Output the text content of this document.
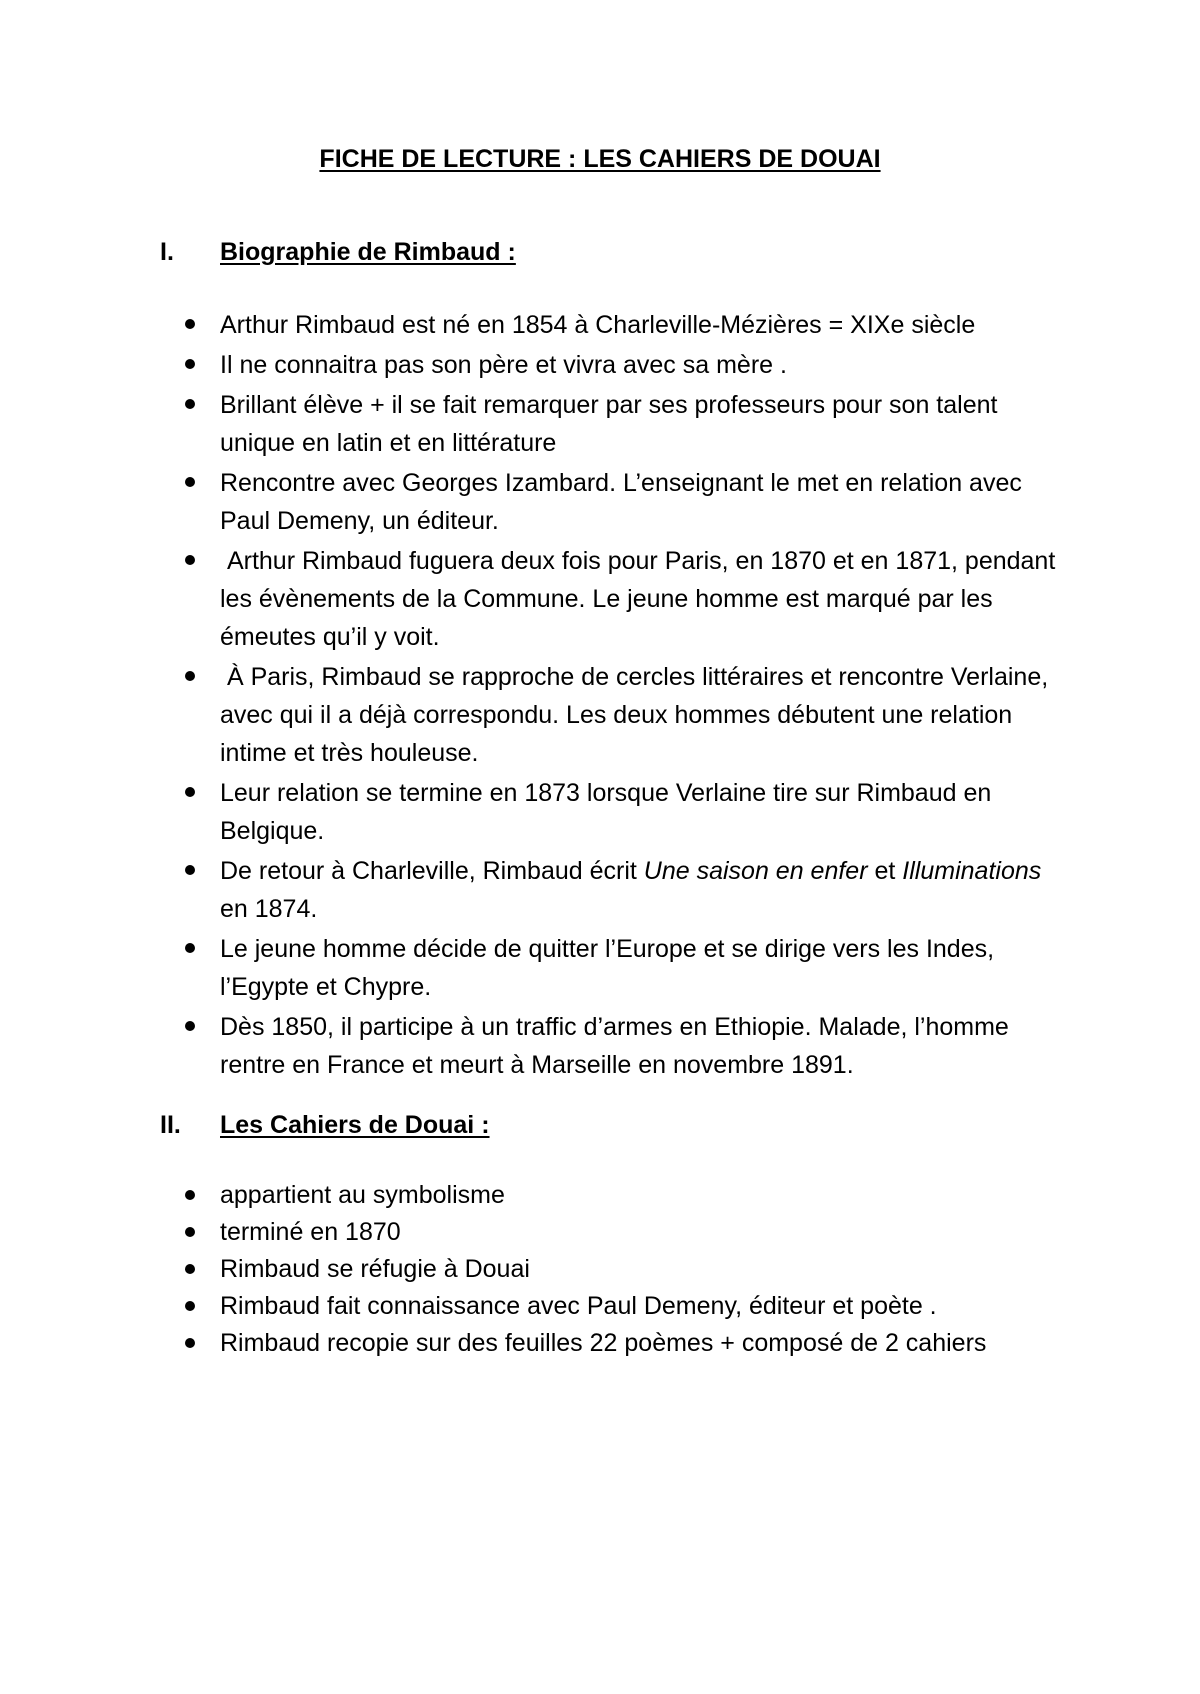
FICHE DE LECTURE : LES CAHIERS DE DOUAI
I. Biographie de Rimbaud :
Arthur Rimbaud est né en 1854 à Charleville-Mézières = XIXe siècle
Il ne connaitra pas son père et vivra avec sa mère .
Brillant élève + il se fait remarquer par ses professeurs pour son talent unique en latin et en littérature
Rencontre avec Georges Izambard. L’enseignant le met en relation avec Paul Demeny, un éditeur.
Arthur Rimbaud fuguera deux fois pour Paris, en 1870 et en 1871, pendant les évènements de la Commune. Le jeune homme est marqué par les émeutes qu’il y voit.
À Paris, Rimbaud se rapproche de cercles littéraires et rencontre Verlaine, avec qui il a déjà correspondu. Les deux hommes débutent une relation intime et très houleuse.
Leur relation se termine en 1873 lorsque Verlaine tire sur Rimbaud en Belgique.
De retour à Charleville, Rimbaud écrit Une saison en enfer et Illuminations en 1874.
Le jeune homme décide de quitter l’Europe et se dirige vers les Indes, l’Egypte et Chypre.
Dès 1850, il participe à un traffic d’armes en Ethiopie. Malade, l’homme rentre en France et meurt à Marseille en novembre 1891.
II. Les Cahiers de Douai :
appartient au symbolisme
terminé en 1870
Rimbaud se réfugie à Douai
Rimbaud fait connaissance avec Paul Demeny, éditeur et poète .
Rimbaud recopie sur des feuilles 22 poèmes + composé de 2 cahiers
